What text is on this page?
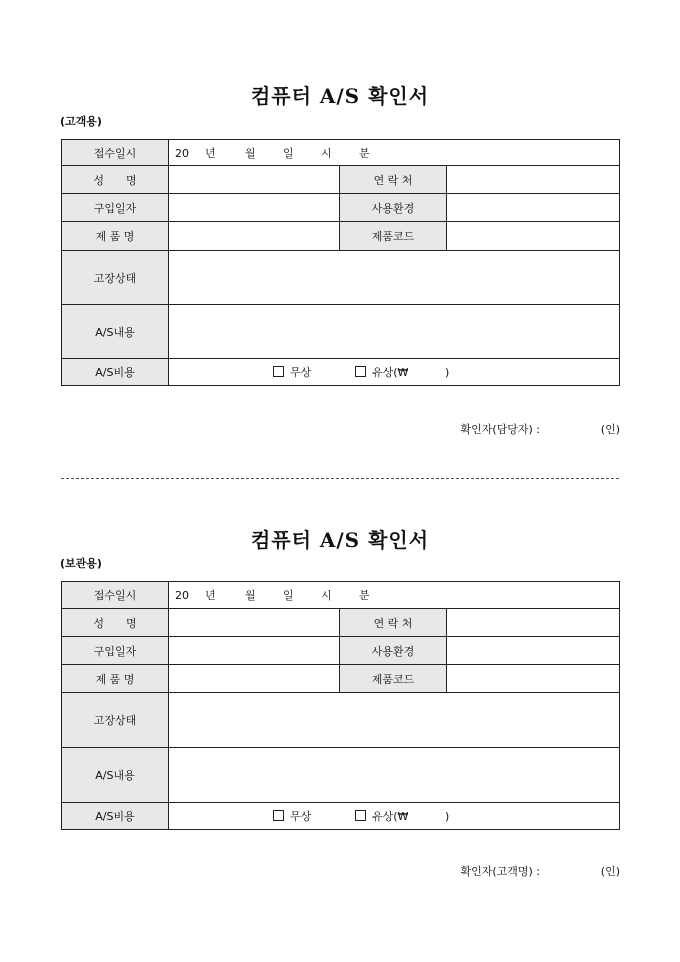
컴퓨터 A/S 확인서
(고객용)
접수일시	20 년 월 일 시 분		
성　　명		연 락 처	
구입일자		사용환경	
제 품 명		제품코드	
고장상태			
A/S내용			
A/S비용	무상 유상(₩ )		
확인자(담당자) :	(인)
컴퓨터 A/S 확인서
(보관용)
접수일시	20 년 월 일 시 분		
성　　명		연 락 처	
구입일자		사용환경	
제 품 명		제품코드	
고장상태			
A/S내용			
A/S비용	무상 유상(₩ )		
확인자(고객명) :	(인)
